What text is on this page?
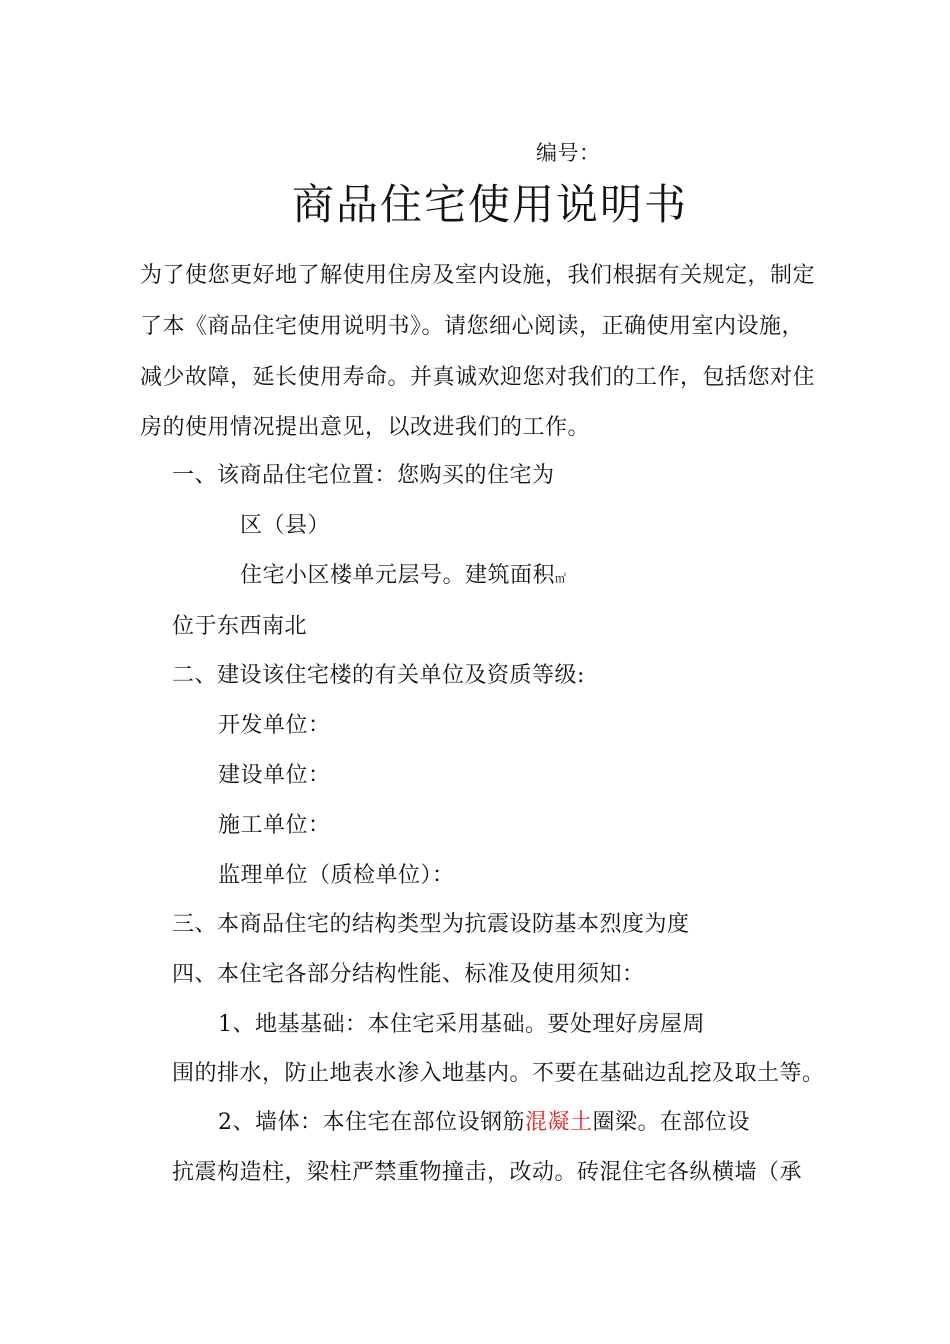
编号：
商品住宅使用说明书
为了使您更好地了解使用住房及室内设施，我们根据有关规定，制定
了本《商品住宅使用说明书》。请您细心阅读，正确使用室内设施，
减少故障，延长使用寿命。并真诚欢迎您对我们的工作，包括您对住
房的使用情况提出意见，以改进我们的工作。
一、该商品住宅位置：您购买的住宅为
区（县）
住宅小区楼单元层号。建筑面积㎡
位于东西南北
二、建设该住宅楼的有关单位及资质等级:
开发单位：
建设单位：
施工单位：
监理单位（质检单位）：
三、本商品住宅的结构类型为抗震设防基本烈度为度
四、本住宅各部分结构性能、标准及使用须知：
1、地基基础：本住宅采用基础。要处理好房屋周
围的排水，防止地表水渗入地基内。不要在基础边乱挖及取土等。
2、墙体：本住宅在部位设钢筋混凝土圈梁。在部位设
抗震构造柱，梁柱严禁重物撞击，改动。砖混住宅各纵横墙（承
